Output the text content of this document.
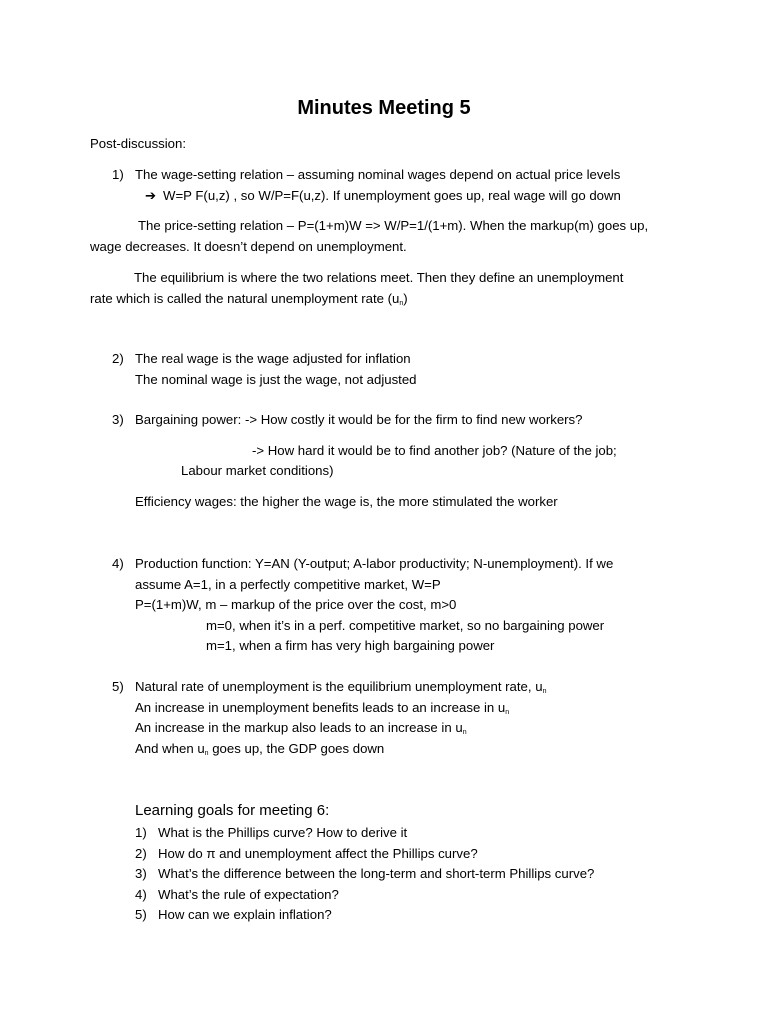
Minutes Meeting 5
Post-discussion:
1) The wage-setting relation – assuming nominal wages depend on actual price levels
➔ W=P F(u,z) , so W/P=F(u,z). If unemployment goes up, real wage will go down
The price-setting relation – P=(1+m)W => W/P=1/(1+m). When the markup(m) goes up,
wage decreases. It doesn’t depend on unemployment.
The equilibrium is where the two relations meet. Then they define an unemployment
rate which is called the natural unemployment rate $(u_n)$
2) The real wage is the wage adjusted for inflation
The nominal wage is just the wage, not adjusted
3) Bargaining power: -> How costly it would be for the firm to find new workers?
-> How hard it would be to find another job? (Nature of the job;
Labour market conditions)
Efficiency wages: the higher the wage is, the more stimulated the worker
4) Production function: Y=AN (Y-output; A-labor productivity; N-unemployment). If we
assume A=1, in a perfectly competitive market, W=P
P=(1+m)W, m – markup of the price over the cost, m>0
m=0, when it’s in a perf. competitive market, so no bargaining power
m=1, when a firm has very high bargaining power
5) Natural rate of unemployment is the equilibrium unemployment rate, $u_n$
An increase in unemployment benefits leads to an increase in $u_n$
An increase in the markup also leads to an increase in $u_n$
And when $u_n$ goes up, the GDP goes down
Learning goals for meeting 6:
1) What is the Phillips curve? How to derive it
2) How do π and unemployment affect the Phillips curve?
3) What’s the difference between the long-term and short-term Phillips curve?
4) What’s the rule of expectation?
5) How can we explain inflation?
